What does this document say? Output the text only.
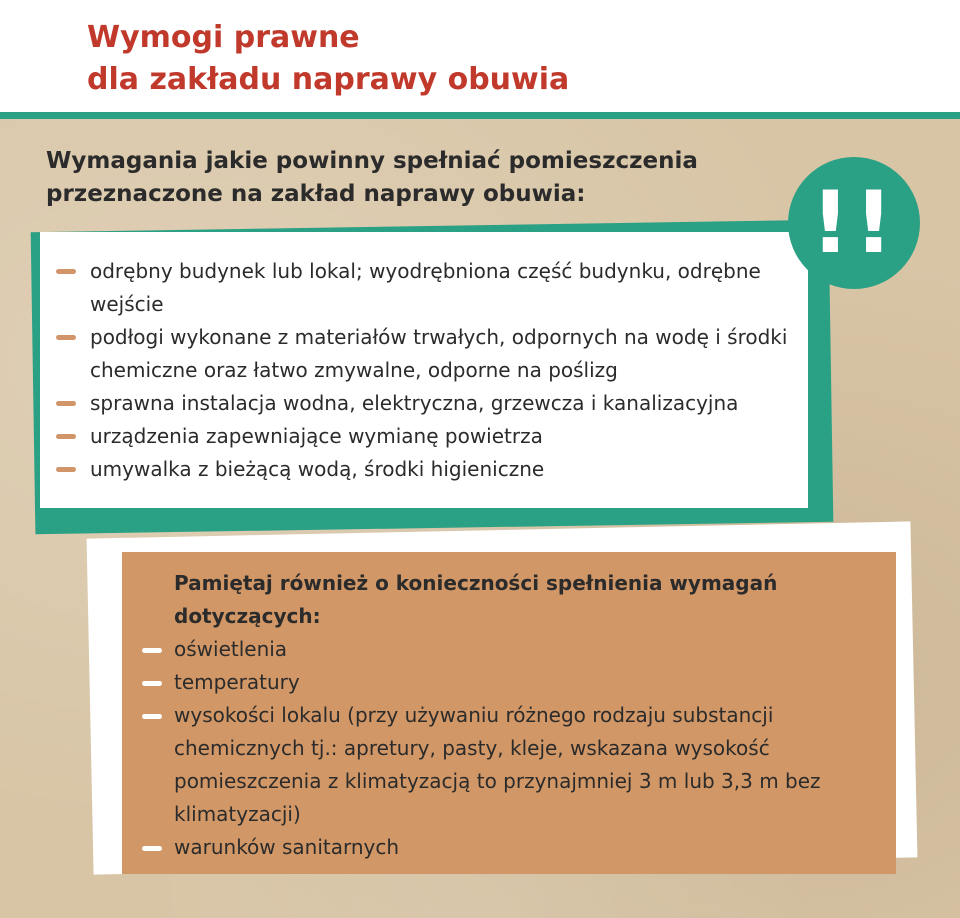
Wymogi prawne
dla zakładu naprawy obuwia
Wymagania jakie powinny spełniać pomieszczenia przeznaczone na zakład naprawy obuwia:	!!
odrębny budynek lub lokal; wyodrębniona część budynku, odrębne wejście
podłogi wykonane z materiałów trwałych, odpornych na wodę i środki chemiczne oraz łatwo zmywalne, odporne na poślizg
sprawna instalacja wodna, elektryczna, grzewcza i kanalizacyjna
urządzenia zapewniające wymianę powietrza
umywalka z bieżącą wodą, środki higieniczne
Pamiętaj również o konieczności spełnienia wymagań dotyczących:
oświetlenia
temperatury
wysokości lokalu (przy używaniu różnego rodzaju substancji chemicznych tj.: apretury, pasty, kleje, wskazana wysokość pomieszczenia z klimatyzacją to przynajmniej 3 m lub 3,3 m bez klimatyzacji)
warunków sanitarnych
